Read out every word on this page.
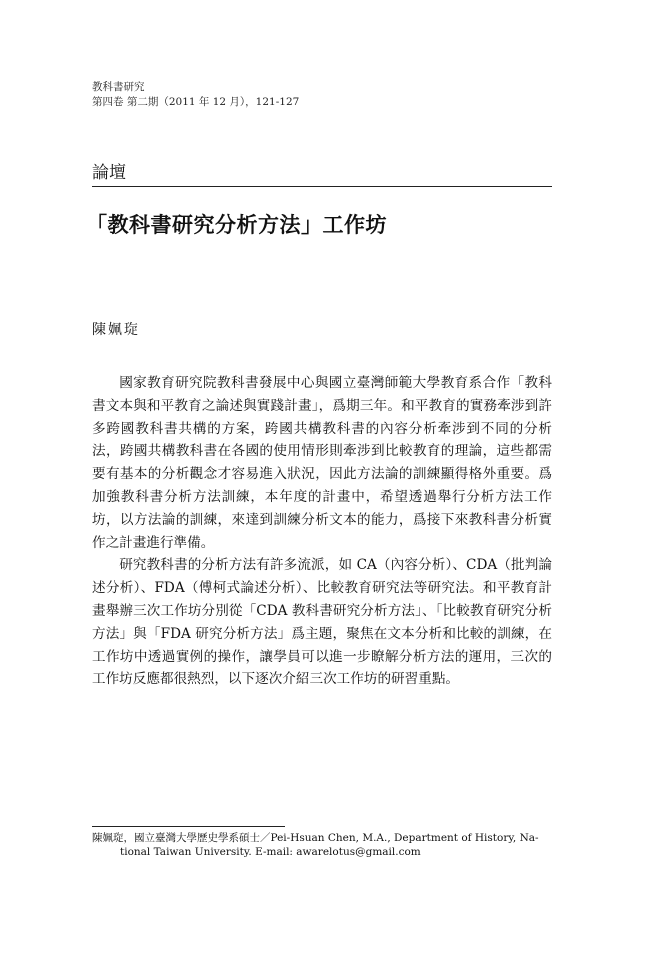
教科書研究
第四卷 第二期（2011 年 12 月），121-127
論壇
「教科書研究分析方法」工作坊
陳姵琁

國家教育研究院教科書發展中心與國立臺灣師範大學教育系合作「教科書文本與和平教育之論述與實踐計畫」，爲期三年。和平教育的實務牽涉到許多跨國教科書共構的方案，跨國共構教科書的內容分析牽涉到不同的分析法，跨國共構教科書在各國的使用情形則牽涉到比較教育的理論，這些都需要有基本的分析觀念才容易進入狀況，因此方法論的訓練顯得格外重要。爲加強教科書分析方法訓練，本年度的計畫中，希望透過舉行分析方法工作坊，以方法論的訓練，來達到訓練分析文本的能力，爲接下來教科書分析實作之計畫進行準備。

研究教科書的分析方法有許多流派，如 CA（內容分析）、CDA（批判論述分析）、FDA（傅柯式論述分析）、比較教育研究法等研究法。和平教育計畫舉辦三次工作坊分別從「CDA 教科書研究分析方法」、「比較教育研究分析方法」與「FDA 研究分析方法」爲主題，聚焦在文本分析和比較的訓練，在工作坊中透過實例的操作，讓學員可以進一步瞭解分析方法的運用，三次的工作坊反應都很熱烈，以下逐次介紹三次工作坊的研習重點。

陳姵琁，國立臺灣大學歷史學系碩士／Pei-Hsuan Chen, M.A., Department of History, Na-
tional Taiwan University. E-mail: awarelotus@gmail.com
